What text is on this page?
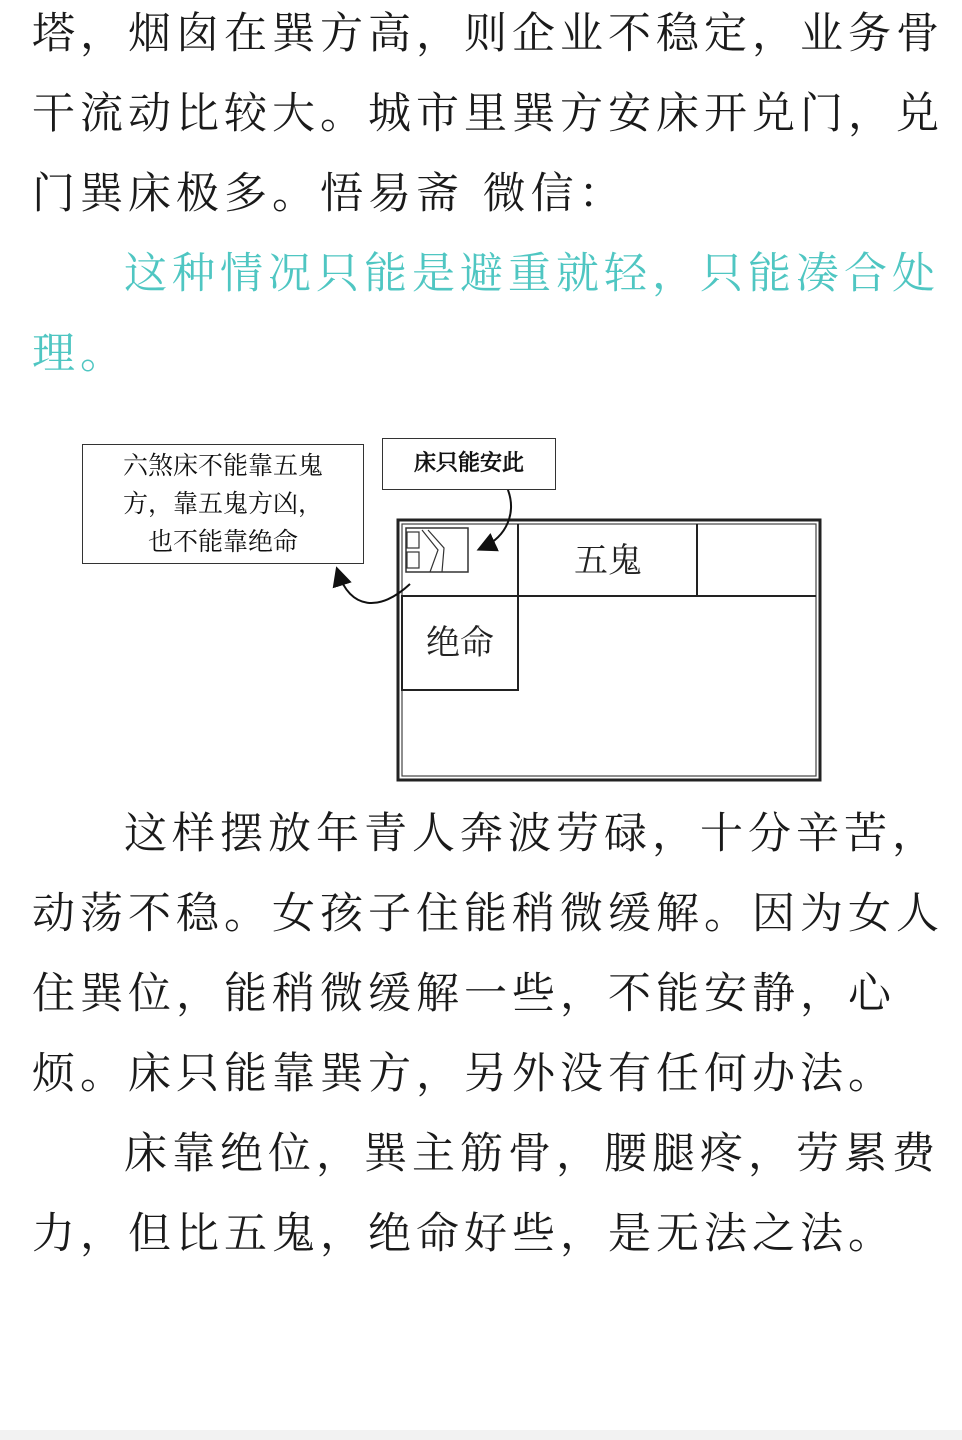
塔，烟囱在巽方高，则企业不稳定，业务骨
干流动比较大。城市里巽方安床开兑门，兑
门巽床极多。悟易斋 微信：
这种情况只能是避重就轻，只能凑合处
理。
五鬼
绝命
六煞床不能靠五鬼
方，靠五鬼方凶，
也不能靠绝命
床只能安此
这样摆放年青人奔波劳碌，十分辛苦，
动荡不稳。女孩子住能稍微缓解。因为女人
住巽位，能稍微缓解一些，不能安静，心
烦。床只能靠巽方，另外没有任何办法。
床靠绝位，巽主筋骨，腰腿疼，劳累费
力，但比五鬼，绝命好些，是无法之法。
